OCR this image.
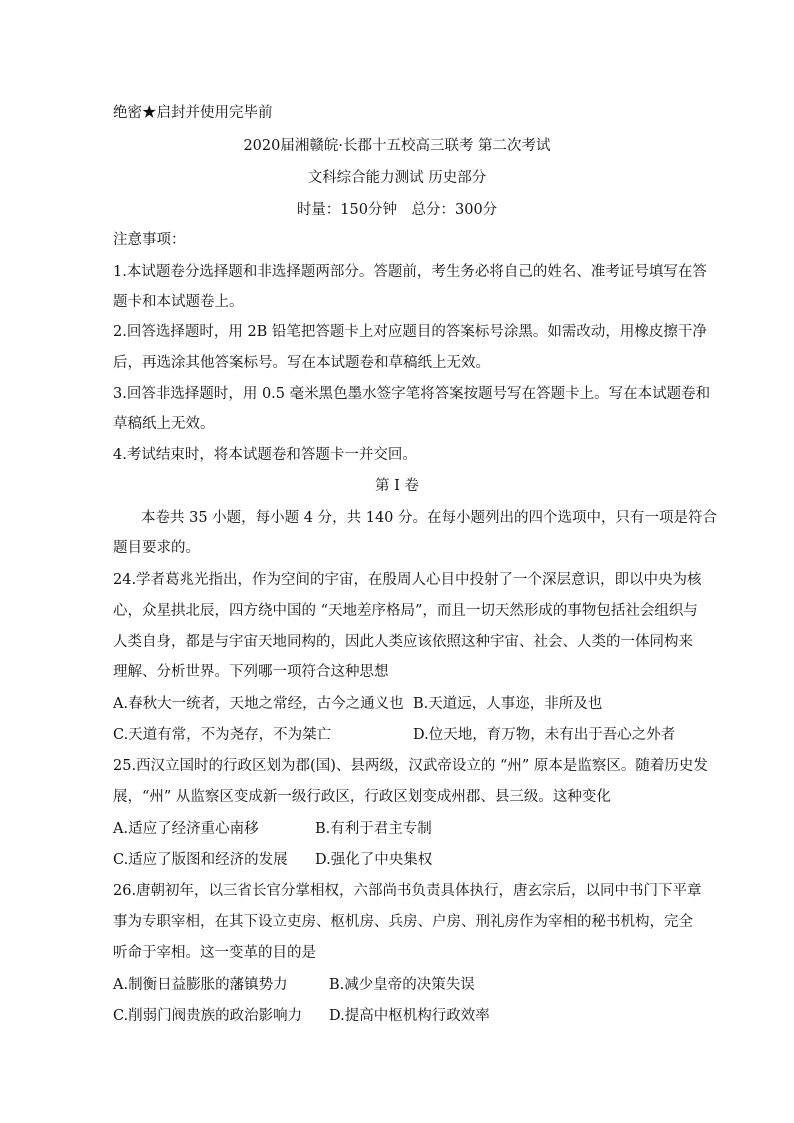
绝密★启封并使用完毕前
2020届湘赣皖·长郡十五校高三联考 第二次考试
文科综合能力测试 历史部分
时量：150分钟　总分：300分
注意事项：
1.本试题卷分选择题和非选择题两部分。答题前，考生务必将自己的姓名、准考证号填写在答
题卡和本试题卷上。
2.回答选择题时，用 2B 铅笔把答题卡上对应题目的答案标号涂黑。如需改动，用橡皮擦干净
后，再选涂其他答案标号。写在本试题卷和草稿纸上无效。
3.回答非选择题时，用 0.5 毫米黑色墨水签字笔将答案按题号写在答题卡上。写在本试题卷和
草稿纸上无效。
4.考试结束时，将本试题卷和答题卡一并交回。
第 I 卷
本卷共 35 小题，每小题 4 分，共 140 分。在每小题列出的四个选项中，只有一项是符合
题目要求的。
24.学者葛兆光指出，作为空间的宇宙，在殷周人心目中投射了一个深层意识，即以中央为核
心，众星拱北辰，四方绕中国的 “天地差序格局”，而且一切天然形成的事物包括社会组织与
人类自身，都是与宇宙天地同构的，因此人类应该依照这种宇宙、社会、人类的一体同构来
理解、分析世界。下列哪一项符合这种思想
A.春秋大一统者，天地之常经，古今之通义也 B.天道远，人事迩，非所及也
C.天道有常，不为尧存，不为桀亡	D.位天地，育万物，未有出于吾心之外者
25.西汉立国时的行政区划为郡(国)、县两级，汉武帝设立的 “州” 原本是监察区。随着历史发
展，“州” 从监察区变成新一级行政区，行政区划变成州郡、县三级。这种变化
A.适应了经济重心南移	B.有利于君主专制
C.适应了版图和经济的发展 D.强化了中央集权
26.唐朝初年，以三省长官分掌相权，六部尚书负责具体执行，唐玄宗后，以同中书门下平章
事为专职宰相，在其下设立吏房、枢机房、兵房、户房、刑礼房作为宰相的秘书机构，完全
听命于宰相。这一变革的目的是
A.制衡日益膨胀的藩镇势力	B.减少皇帝的决策失误
C.削弱门阀贵族的政治影响力 D.提高中枢机构行政效率
